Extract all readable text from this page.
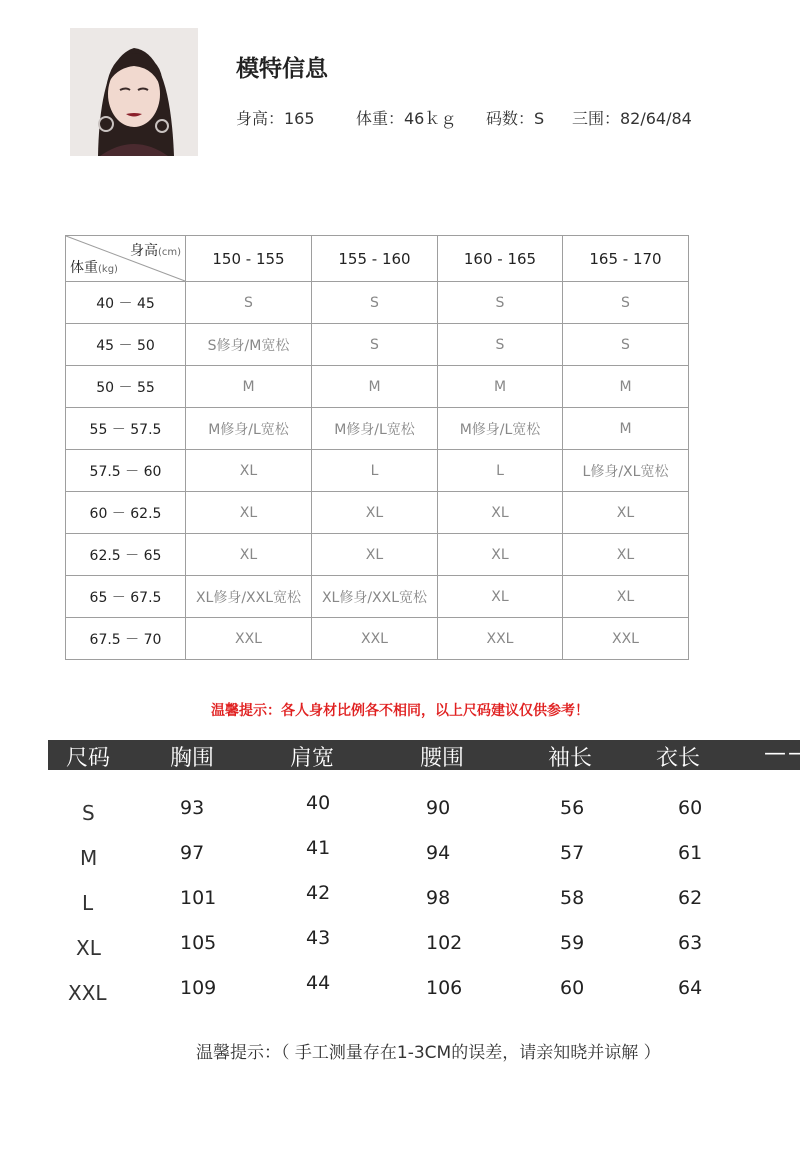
模特信息
身高：165	体重：46ｋｇ 码数：S 三围：82/64/84
身高(cm)
体重(kg)	150 - 155	155 - 160	160 - 165	165 - 170
40 － 45	S	S	S	S
45 － 50	S修身/M宽松	S	S	S
50 － 55	M	M	M	M
55 － 57.5	M修身/L宽松	M修身/L宽松	M修身/L宽松	M
57.5 － 60	XL	L	L	L修身/XL宽松
60 － 62.5	XL	XL	XL	XL
62.5 － 65	XL	XL	XL	XL
65 － 67.5	XL修身/XXL宽松	XL修身/XXL宽松	XL	XL
67.5 － 70	XXL	XXL	XXL	XXL
温馨提示：各人身材比例各不相同，以上尺码建议仅供参考！
尺码	胸围	肩宽	腰围	袖长	衣长	——
S	93	40	90	56	60
M	97	41	94	57	61
L	101	42	98	58	62
XL	105	43	102	59	63
XXL	109	44	106	60	64
温馨提示：（ 手工测量存在1-3CM的误差，请亲知晓并谅解 ）
